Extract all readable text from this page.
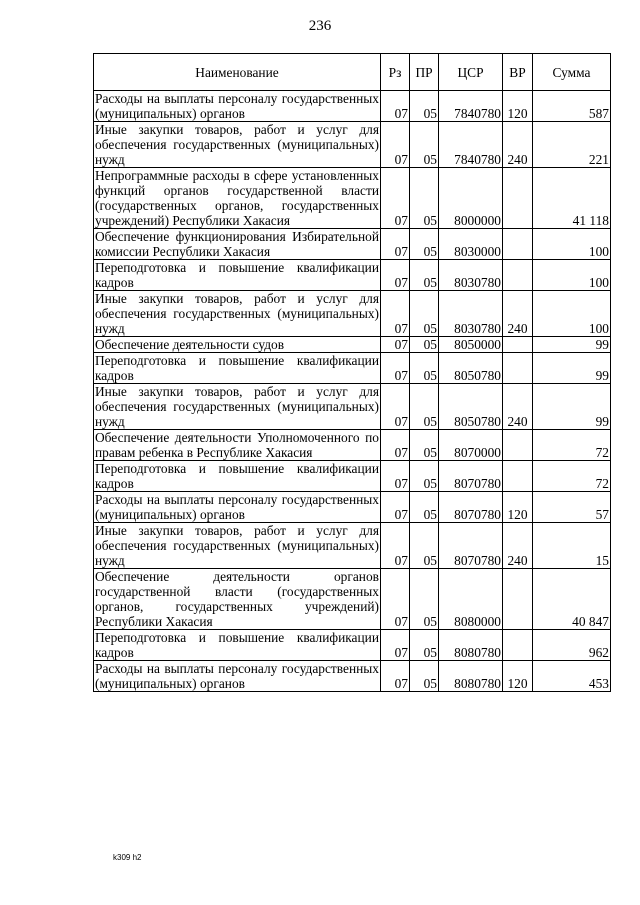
236
Наименование	Рз	ПР	ЦСР	ВР	Сумма
Расходы на выплаты персоналу государственных (муниципальных) органов	07	05	7840780	120	587
Иные закупки товаров, работ и услуг для обеспечения государственных (муниципальных) нужд	07	05	7840780	240	221
Непрограммные расходы в сфере установленных функций органов государственной власти (государственных органов, государственных учреждений) Республики Хакасия	07	05	8000000		41 118
Обеспечение функционирования Избирательной комиссии Республики Хакасия	07	05	8030000		100
Переподготовка и повышение квалификации кадров	07	05	8030780		100
Иные закупки товаров, работ и услуг для обеспечения государственных (муниципальных) нужд	07	05	8030780	240	100
Обеспечение деятельности судов	07	05	8050000		99
Переподготовка и повышение квалификации кадров	07	05	8050780		99
Иные закупки товаров, работ и услуг для обеспечения государственных (муниципальных) нужд	07	05	8050780	240	99
Обеспечение деятельности Уполномоченного по правам ребенка в Республике Хакасия	07	05	8070000		72
Переподготовка и повышение квалификации кадров	07	05	8070780		72
Расходы на выплаты персоналу государственных (муниципальных) органов	07	05	8070780	120	57
Иные закупки товаров, работ и услуг для обеспечения государственных (муниципальных) нужд	07	05	8070780	240	15
Обеспечение деятельности органов государственной власти (государственных органов, государственных учреждений) Республики Хакасия	07	05	8080000		40 847
Переподготовка и повышение квалификации кадров	07	05	8080780		962
Расходы на выплаты персоналу государственных (муниципальных) органов	07	05	8080780	120	453
k309 h2
